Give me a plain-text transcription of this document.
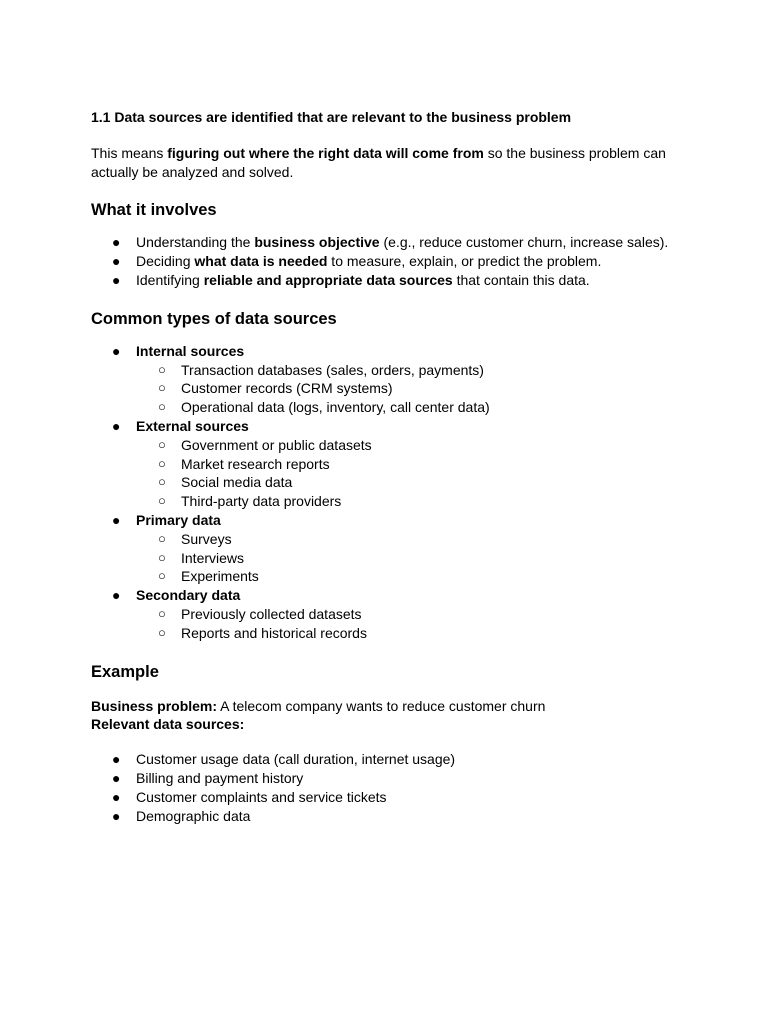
1.1 Data sources are identified that are relevant to the business problem

This means figuring out where the right data will come from so the business problem can actually be analyzed and solved.

What it involves
● Understanding the business objective (e.g., reduce customer churn, increase sales).
● Deciding what data is needed to measure, explain, or predict the problem.
● Identifying reliable and appropriate data sources that contain this data.
Common types of data sources
● Internal sources
○ Transaction databases (sales, orders, payments)
○ Customer records (CRM systems)
○ Operational data (logs, inventory, call center data)
● External sources
○ Government or public datasets
○ Market research reports
○ Social media data
○ Third-party data providers
● Primary data
○ Surveys
○ Interviews
○ Experiments
● Secondary data
○ Previously collected datasets
○ Reports and historical records
Example

Business problem: A telecom company wants to reduce customer churn

Relevant data sources:

● Customer usage data (call duration, internet usage)
● Billing and payment history
● Customer complaints and service tickets
● Demographic data
